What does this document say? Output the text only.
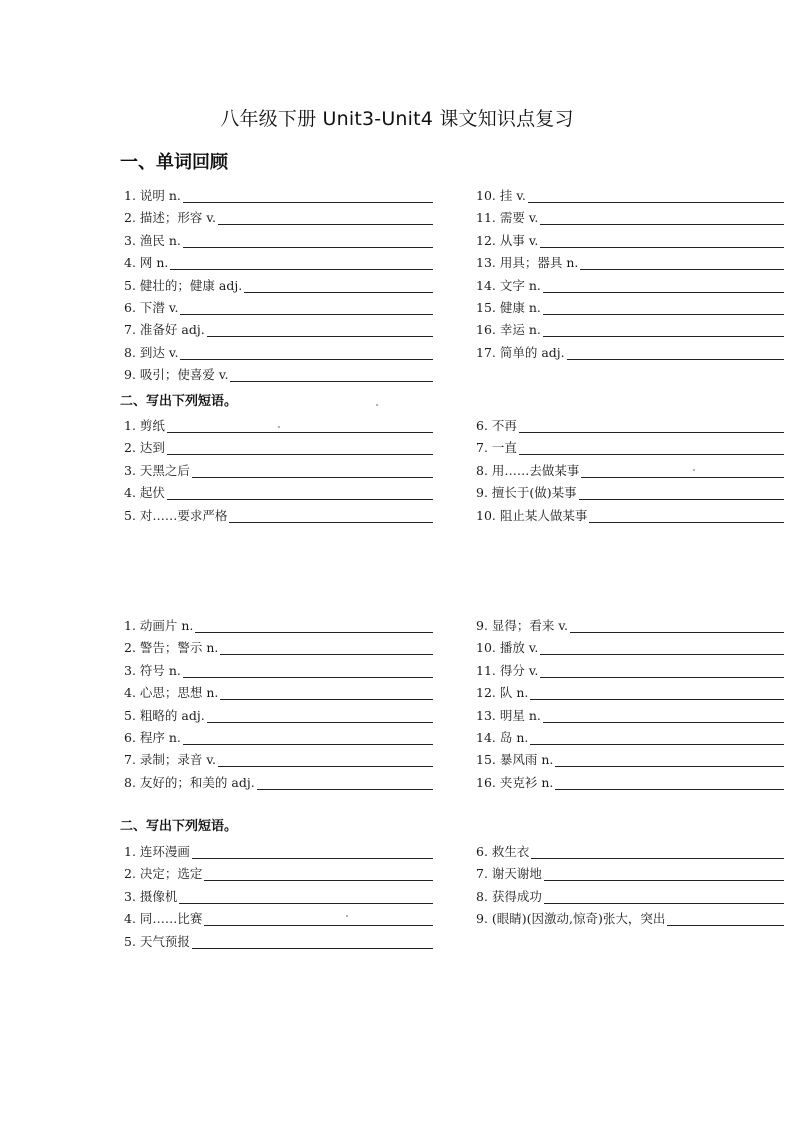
八年级下册 Unit3-Unit4 课文知识点复习
一、单词回顾
1. 说明 n.
2. 描述；形容 v.
3. 渔民 n.
4. 网 n.
5. 健壮的；健康 adj.
6. 下潜 v.
7. 准备好 adj.
8. 到达 v.
9. 吸引；使喜爱 v.
10. 挂 v.
11. 需要 v.
12. 从事 v.
13. 用具；器具 n.
14. 文字 n.
15. 健康 n.
16. 幸运 n.
17. 简单的 adj.
二、写出下列短语。
1. 剪纸
2. 达到
3. 天黑之后
4. 起伏
5. 对……要求严格
6. 不再
7. 一直
8. 用……去做某事
9. 擅长于(做)某事
10. 阻止某人做某事
1. 动画片 n.
2. 警告；警示 n.
3. 符号 n.
4. 心思；思想 n.
5. 粗略的 adj.
6. 程序 n.
7. 录制；录音 v.
8. 友好的；和美的 adj.
9. 显得；看来 v.
10. 播放 v.
11. 得分 v.
12. 队 n.
13. 明星 n.
14. 岛 n.
15. 暴风雨 n.
16. 夹克衫 n.
二、写出下列短语。
1. 连环漫画
2. 决定；选定
3. 摄像机
4. 同……比赛
5. 天气预报
6. 救生衣
7. 谢天谢地
8. 获得成功
9. (眼睛)(因激动,惊奇)张大，突出
